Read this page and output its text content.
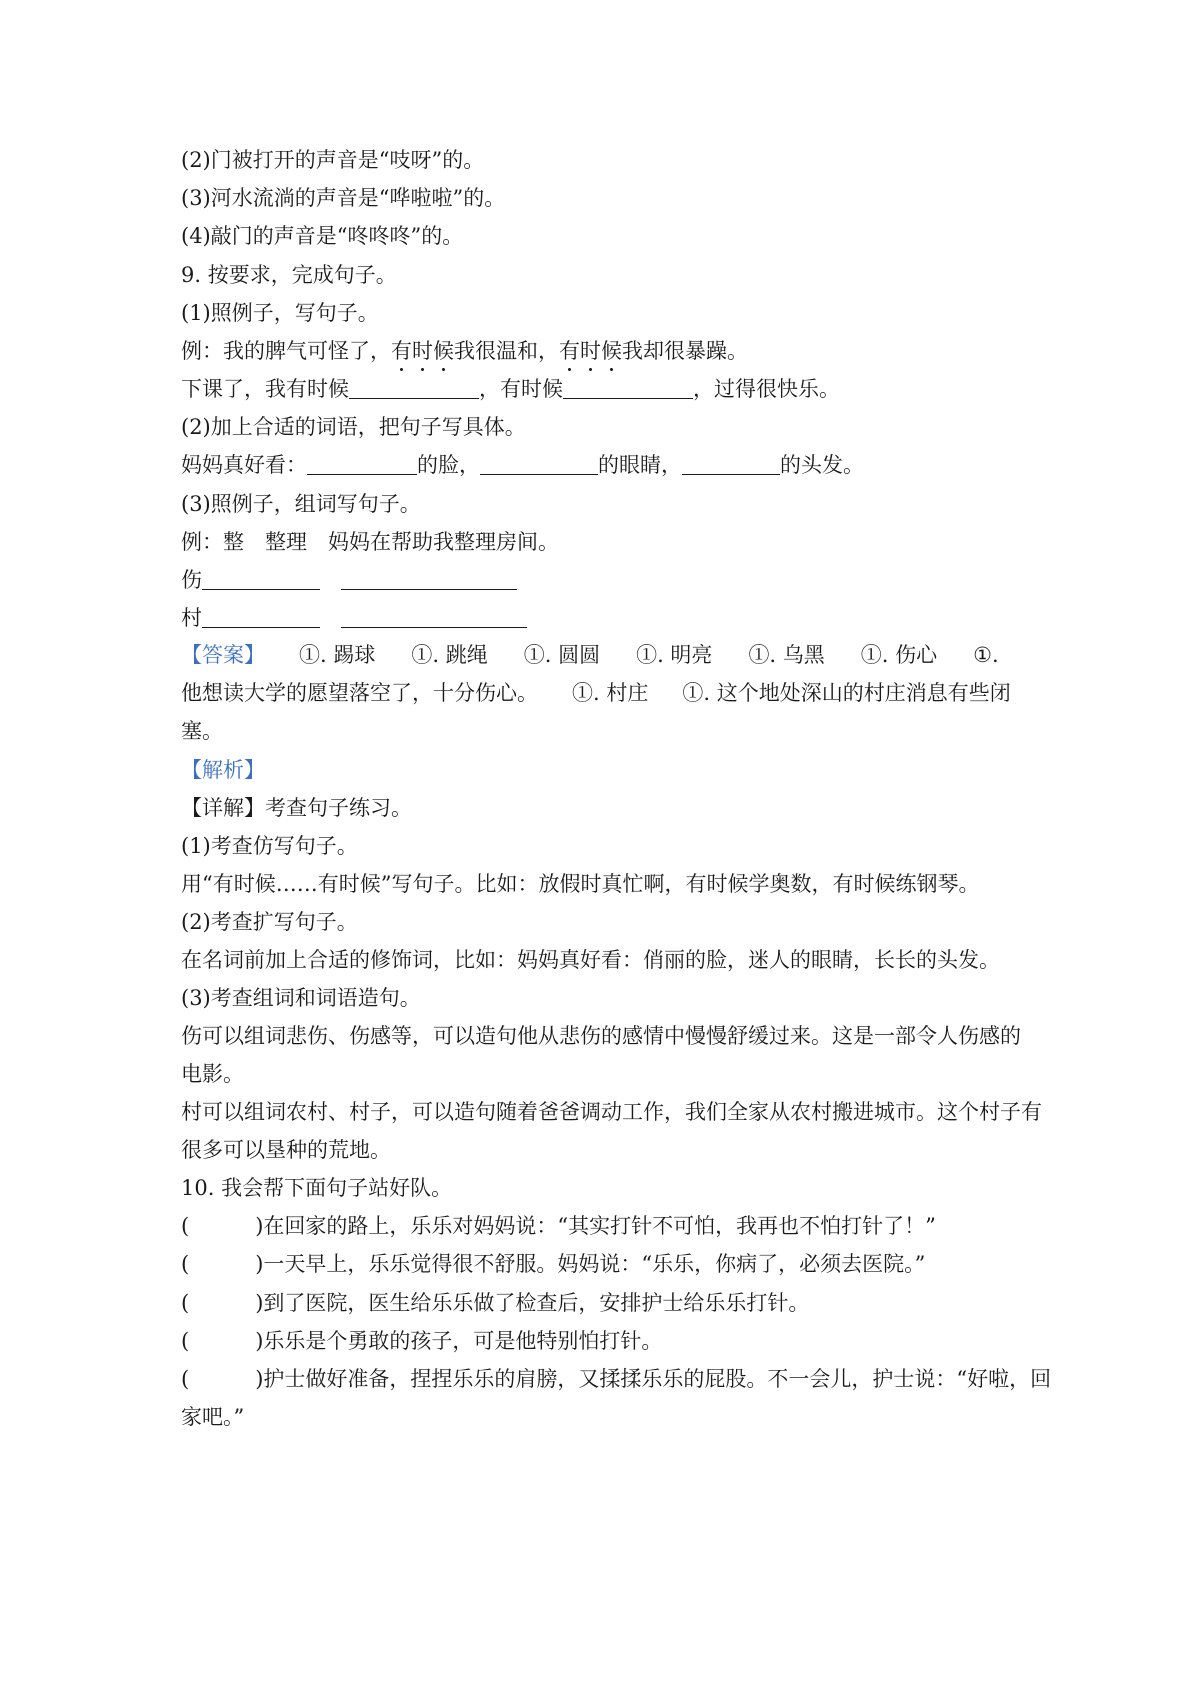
(2)门被打开的声音是“吱呀”的。
(3)河水流淌的声音是“哗啦啦”的。
(4)敲门的声音是“咚咚咚”的。
9. 按要求，完成句子。
(1)照例子，写句子。
例：我的脾气可怪了，有时候我很温和，有时候我却很暴躁。
下课了，我有时候	，有时候	，过得很快乐。
(2)加上合适的词语，把句子写具体。
妈妈真好看：	的脸，	的眼睛，	的头发。
(3)照例子，组词写句子。
例：整 整理 妈妈在帮助我整理房间。
伤
村
【答案】 ①. 踢球 ①. 跳绳 ①. 圆圆 ①. 明亮 ①. 乌黑 ①. 伤心 ①.
他想读大学的愿望落空了，十分伤心。 ①. 村庄 ①. 这个地处深山的村庄消息有些闭
塞。
【解析】
【详解】考查句子练习。
(1)考查仿写句子。
用“有时候……有时候”写句子。比如：放假时真忙啊，有时候学奥数，有时候练钢琴。
(2)考查扩写句子。
在名词前加上合适的修饰词，比如：妈妈真好看：俏丽的脸，迷人的眼睛，长长的头发。
(3)考查组词和词语造句。
伤可以组词悲伤、伤感等，可以造句他从悲伤的感情中慢慢舒缓过来。这是一部令人伤感的
电影。
村可以组词农村、村子，可以造句随着爸爸调动工作，我们全家从农村搬进城市。这个村子有
很多可以垦种的荒地。
10. 我会帮下面句子站好队。
(	)在回家的路上，乐乐对妈妈说：“其实打针不可怕，我再也不怕打针了！”
(	)一天早上，乐乐觉得很不舒服。妈妈说：“乐乐，你病了，必须去医院。”
(	)到了医院，医生给乐乐做了检查后，安排护士给乐乐打针。
(	)乐乐是个勇敢的孩子，可是他特别怕打针。
(	)护士做好准备，捏捏乐乐的肩膀，又揉揉乐乐的屁股。不一会儿，护士说：“好啦，回
家吧。”
